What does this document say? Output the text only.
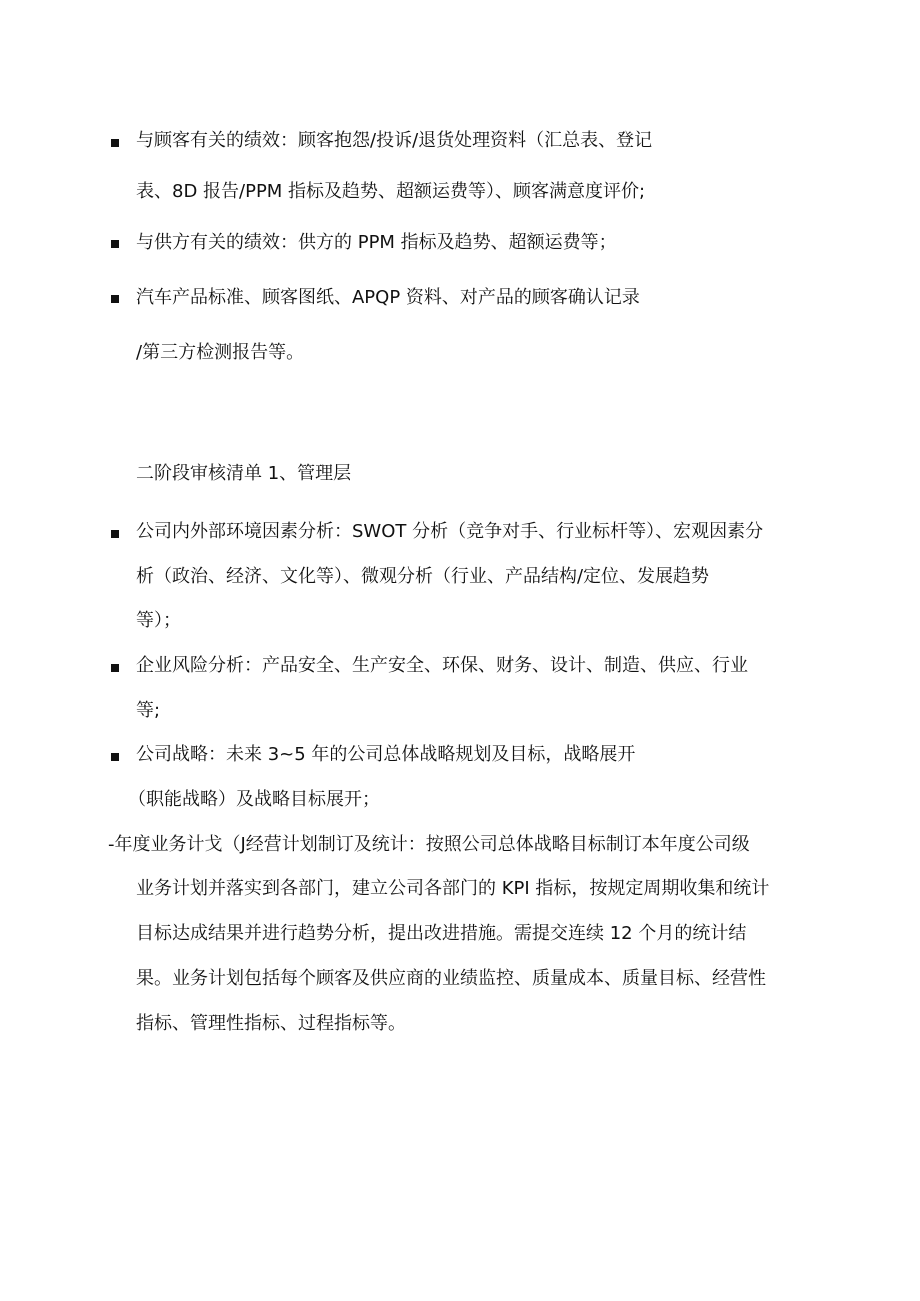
与顾客有关的绩效：顾客抱怨/投诉/退货处理资料（汇总表、登记
表、8D 报告/PPM 指标及趋势、超额运费等）、顾客满意度评价;
与供方有关的绩效：供方的 PPM 指标及趋势、超额运费等；
汽车产品标准、顾客图纸、APQP 资料、对产品的顾客确认记录
/第三方检测报告等。
二阶段审核清单 1、管理层
公司内外部环境因素分析：SWOT 分析（竞争对手、行业标杆等）、宏观因素分
析（政治、经济、文化等）、微观分析（行业、产品结构/定位、发展趋势
等）；
企业风险分析：产品安全、生产安全、环保、财务、设计、制造、供应、行业
等;
公司战略：未来 3~5 年的公司总体战略规划及目标，战略展开
（职能战略）及战略目标展开；
-年度业务计戈（J经营计划制订及统计：按照公司总体战略目标制订本年度公司级
业务计划并落实到各部门，建立公司各部门的 KPI 指标，按规定周期收集和统计
目标达成结果并进行趋势分析，提出改进措施。需提交连续 12 个月的统计结
果。业务计划包括每个顾客及供应商的业绩监控、质量成本、质量目标、经营性
指标、管理性指标、过程指标等。
